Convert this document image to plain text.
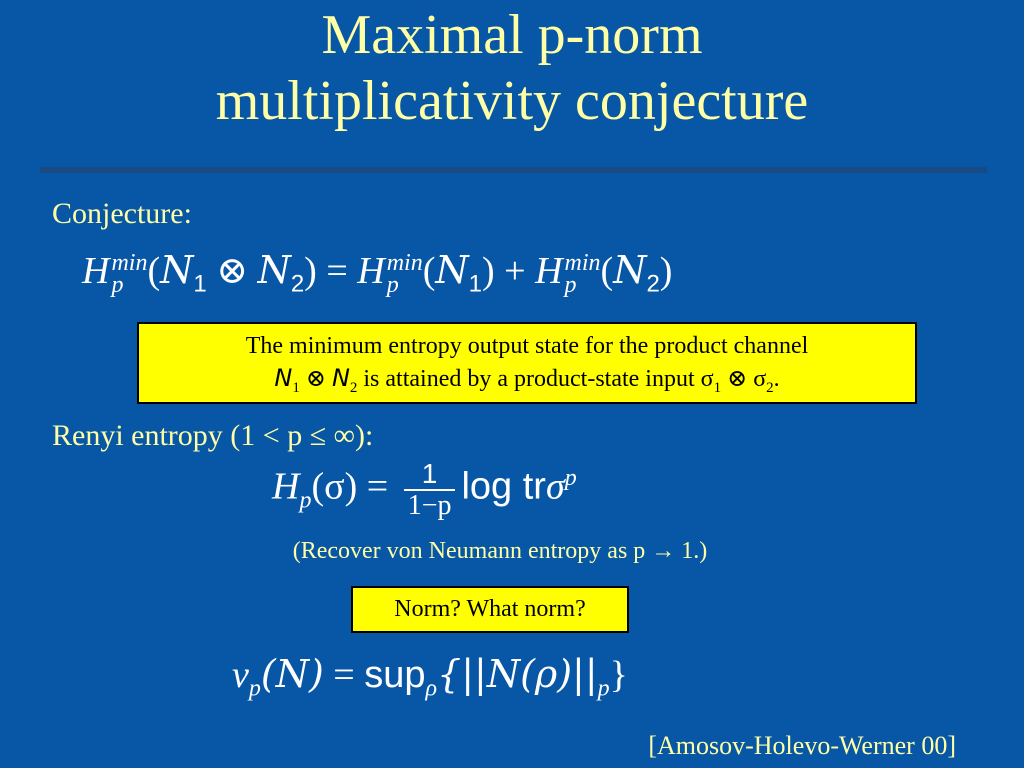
Maximal p-norm
multiplicativity conjecture
Conjecture:
H min
p ($N_1$ ⊗ $N_2) = H$ min
p $(N_1) + H$ min
p $(N_2)$
The minimum entropy output state for the product channel
$N_1$ ⊗ $N_2$ is attained by a product-state input $\sigma_1$ ⊗ $\sigma_2$.
Renyi entropy (1 < p ≤ ∞):
$H_p(\sigma) = \frac{1}{1-p}$ log trσ$^p$
(Recover von Neumann entropy as p → 1.)
Norm? What norm?
$\nu_p(N) = sup_\rho\{||N(\rho)||_p\}$
[Amosov-Holevo-Werner 00]
